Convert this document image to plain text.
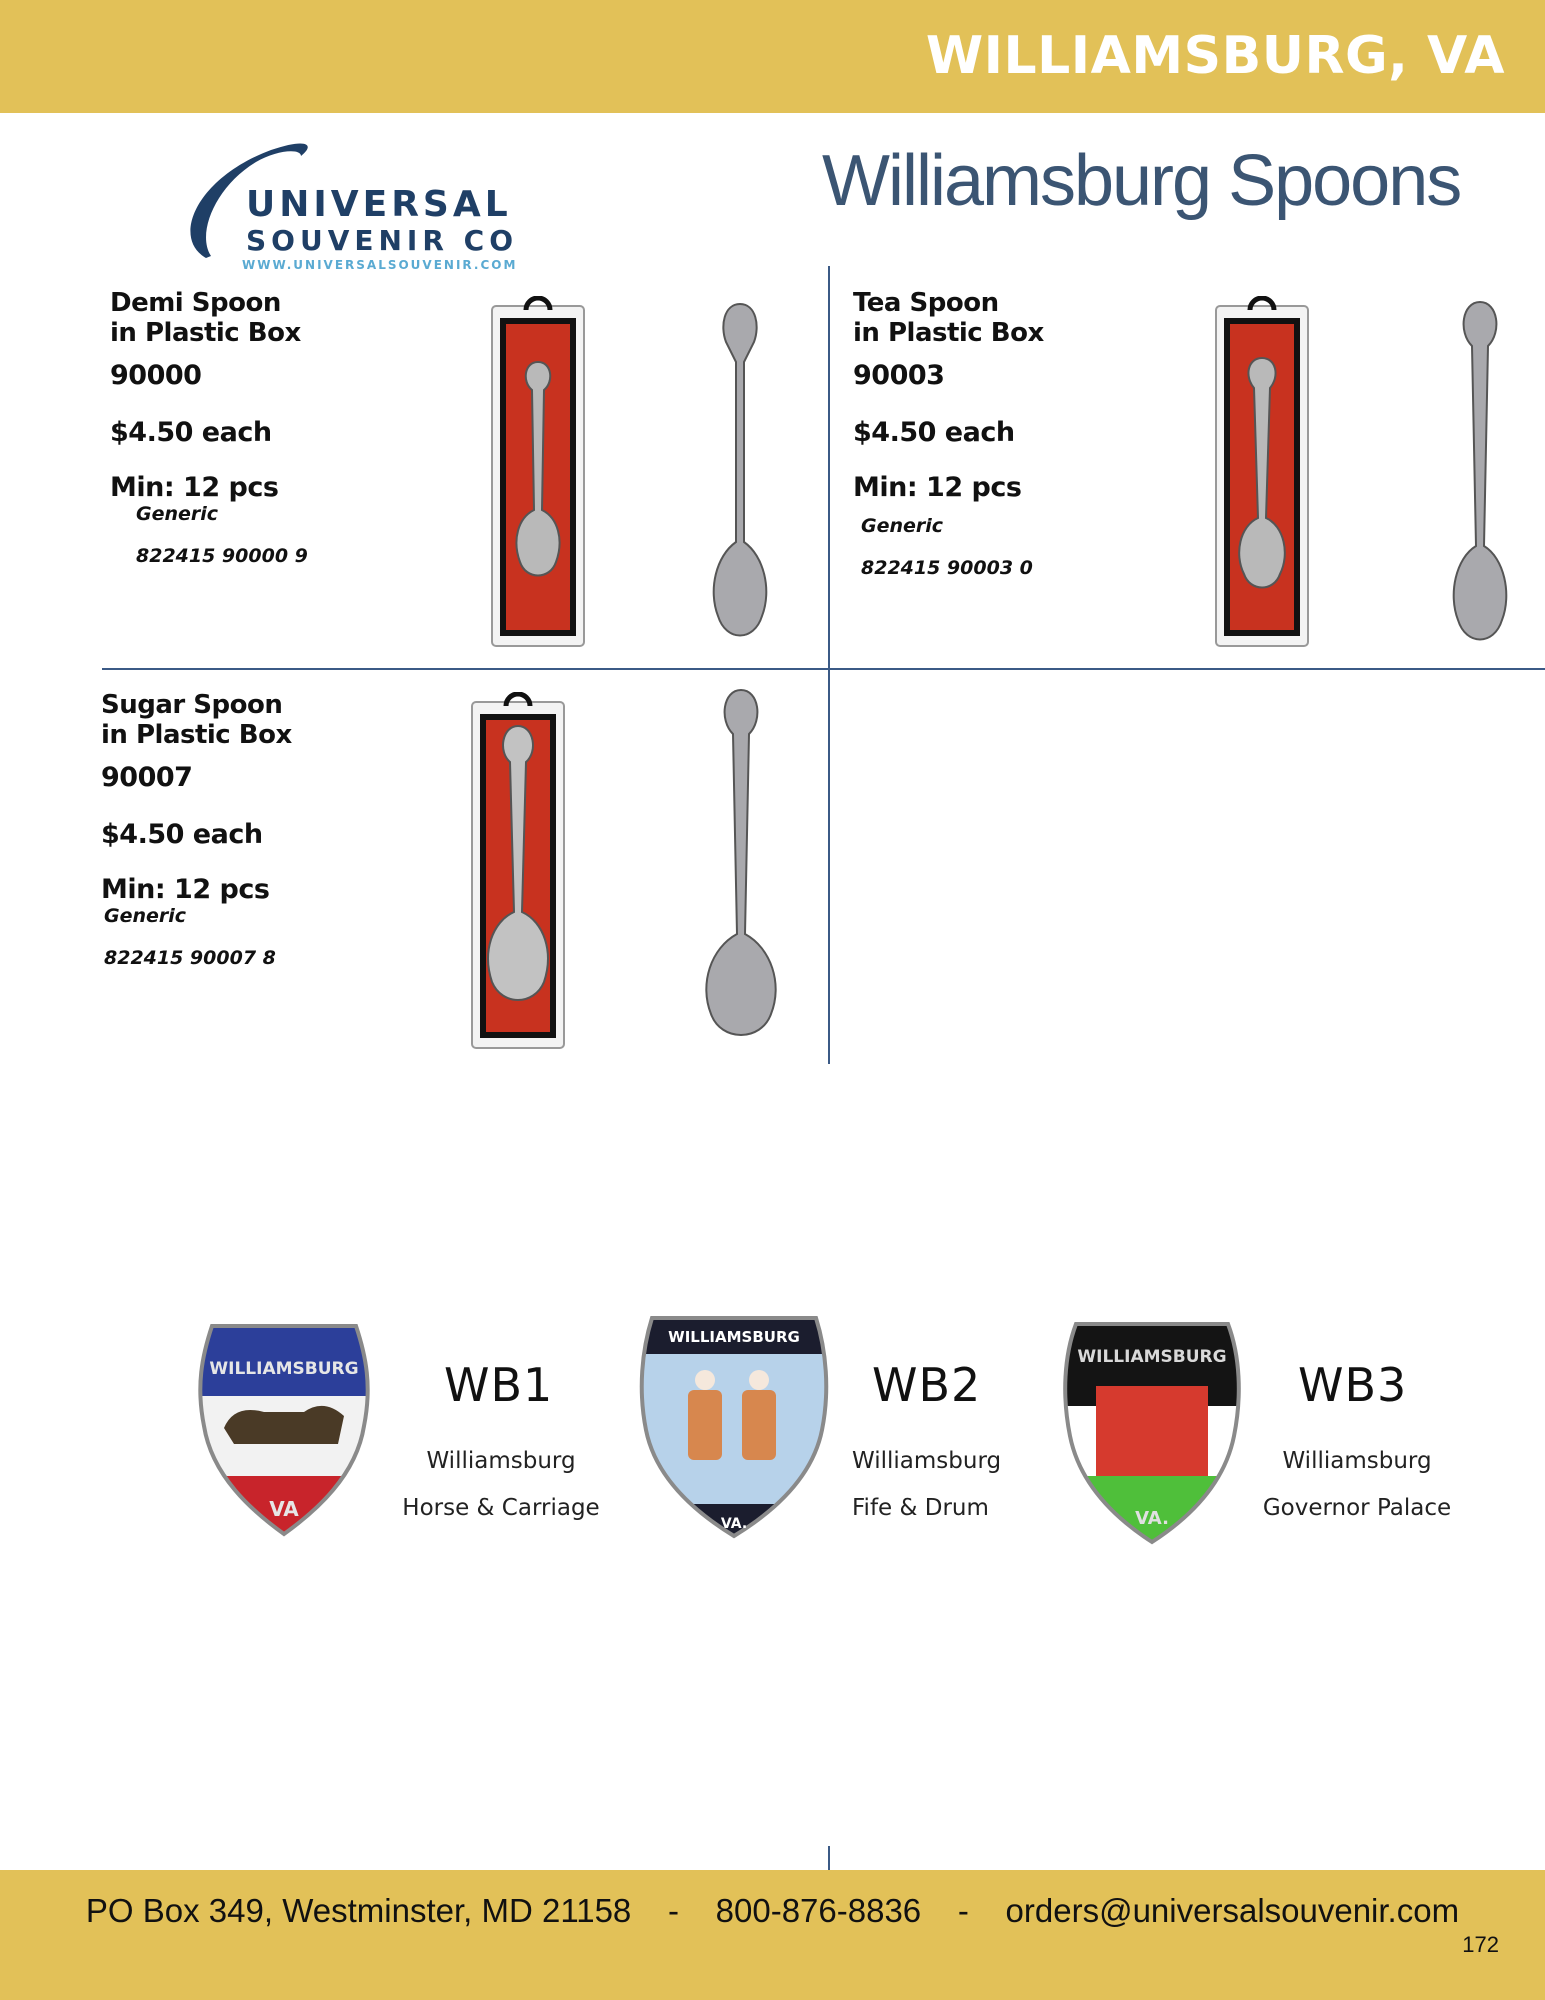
WILLIAMSBURG, VA
UNIVERSAL
SOUVENIR CO
WWW.UNIVERSALSOUVENIR.COM
Williamsburg Spoons
Demi Spoon
in Plastic Box
90000
$4.50 each
Min: 12 pcs
Generic
822415 90000 9
Tea Spoon
in Plastic Box
90003
$4.50 each
Min: 12 pcs
Generic
822415 90003 0
Sugar Spoon
in Plastic Box
90007
$4.50 each
Min: 12 pcs
Generic
822415 90007 8
WILLIAMSBURG
VA
WILLIAMSBURG
VA.
WILLIAMSBURG
VA.
WB1
Williamsburg
Horse & Carriage
WB2
Williamsburg
Fife & Drum
WB3
Williamsburg
Governor Palace
PO Box 349, Westminster, MD 21158 - 800-876-8836 - orders@universalsouvenir.com
172
